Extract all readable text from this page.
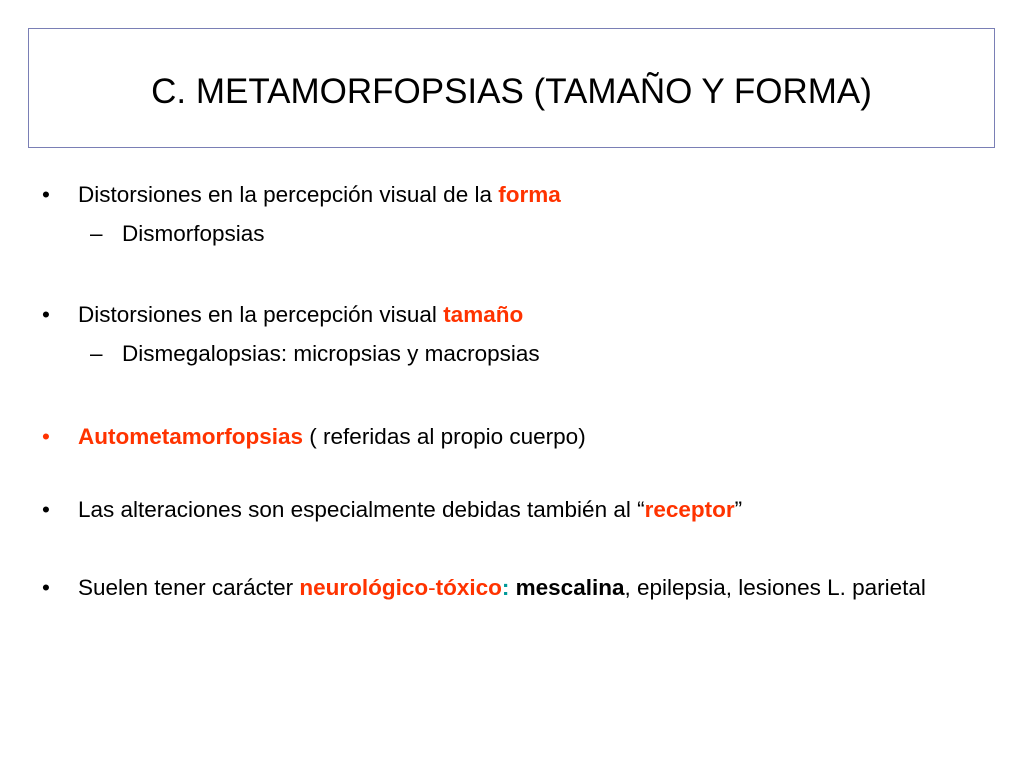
C. METAMORFOPSIAS (TAMAÑO Y FORMA)
•	Distorsiones en la percepción visual de la forma
– Dismorfopsias
•	Distorsiones en la percepción visual tamaño
– Dismegalopsias: micropsias y macropsias
•	Autometamorfopsias ( referidas al propio cuerpo)
•	Las alteraciones son especialmente debidas también al “receptor”
•	Suelen tener carácter neurológico-tóxico: mescalina, epilepsia, lesiones L. parietal
